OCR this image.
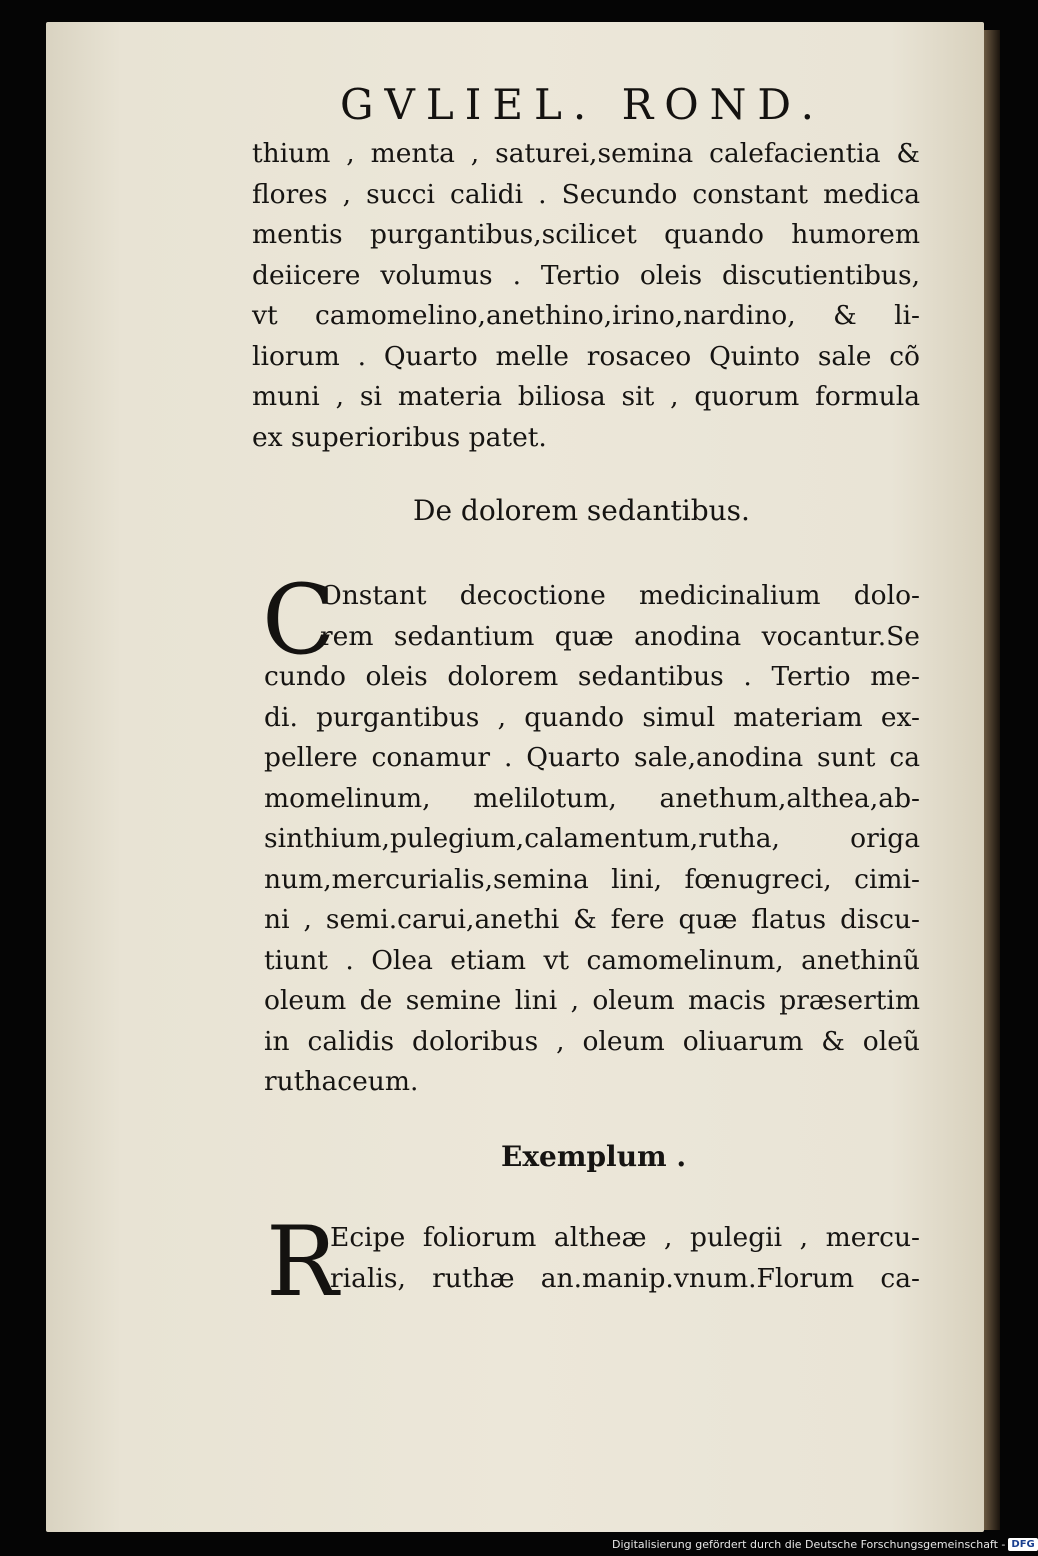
GVLIEL. ROND.
thium , menta , saturei,semina calefacientia &
flores , succi calidi . Secundo constant medica
mentis purgantibus,scilicet quando humorem
deiicere volumus . Tertio oleis discutientibus,
vt camomelino,anethino,irino,nardino, & li-
liorum . Quarto melle rosaceo Quinto sale cõ
muni , si materia biliosa sit , quorum formula
ex superioribus patet.
De dolorem sedantibus.
C
Onstant decoctione medicinalium dolo-
rem sedantium quæ anodina vocantur.Se
cundo oleis dolorem sedantibus . Tertio me-
di. purgantibus , quando simul materiam ex-
pellere conamur . Quarto sale,anodina sunt ca
momelinum, melilotum, anethum,althea,ab-
sinthium,pulegium,calamentum,rutha, origa
num,mercurialis,semina lini, fœnugreci, cimi-
ni , semi.carui,anethi & fere quæ flatus discu-
tiunt . Olea etiam vt camomelinum, anethinũ
oleum de semine lini , oleum macis præsertim
in calidis doloribus , oleum oliuarum & oleũ
ruthaceum.
Exemplum .
R
Ecipe foliorum altheæ , pulegii , mercu-
rialis, ruthæ an.manip.vnum.Florum ca-
Digitalisierung gefördert durch die Deutsche Forschungsgemeinschaft - DFG
